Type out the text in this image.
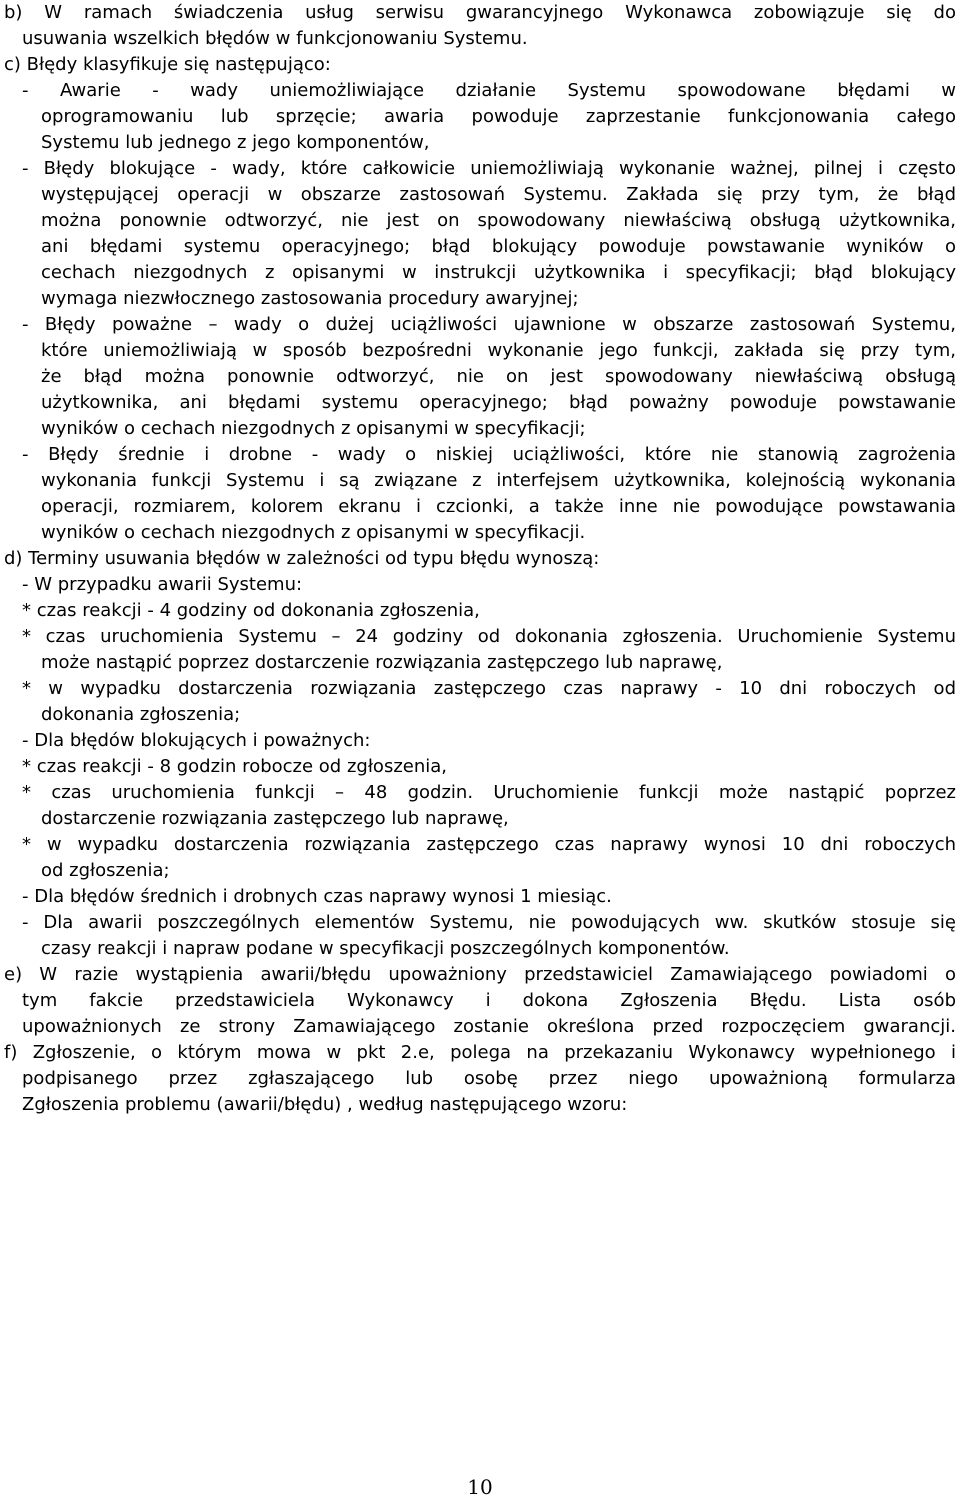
b) W ramach świadczenia usług serwisu gwarancyjnego Wykonawca zobowiązuje się do
usuwania wszelkich błędów w funkcjonowaniu Systemu.
c) Błędy klasyfikuje się następująco:
- Awarie - wady uniemożliwiające działanie Systemu spowodowane błędami w
oprogramowaniu lub sprzęcie; awaria powoduje zaprzestanie funkcjonowania całego
Systemu lub jednego z jego komponentów,
- Błędy blokujące - wady, które całkowicie uniemożliwiają wykonanie ważnej, pilnej i często
występującej operacji w obszarze zastosowań Systemu. Zakłada się przy tym, że błąd
można ponownie odtworzyć, nie jest on spowodowany niewłaściwą obsługą użytkownika,
ani błędami systemu operacyjnego; błąd blokujący powoduje powstawanie wyników o
cechach niezgodnych z opisanymi w instrukcji użytkownika i specyfikacji; błąd blokujący
wymaga niezwłocznego zastosowania procedury awaryjnej;
- Błędy poważne – wady o dużej uciążliwości ujawnione w obszarze zastosowań Systemu,
które uniemożliwiają w sposób bezpośredni wykonanie jego funkcji, zakłada się przy tym,
że błąd można ponownie odtworzyć, nie on jest spowodowany niewłaściwą obsługą
użytkownika, ani błędami systemu operacyjnego; błąd poważny powoduje powstawanie
wyników o cechach niezgodnych z opisanymi w specyfikacji;
- Błędy średnie i drobne - wady o niskiej uciążliwości, które nie stanowią zagrożenia
wykonania funkcji Systemu i są związane z interfejsem użytkownika, kolejnością wykonania
operacji, rozmiarem, kolorem ekranu i czcionki, a także inne nie powodujące powstawania
wyników o cechach niezgodnych z opisanymi w specyfikacji.
d) Terminy usuwania błędów w zależności od typu błędu wynoszą:
- W przypadku awarii Systemu:
* czas reakcji - 4 godziny od dokonania zgłoszenia,
* czas uruchomienia Systemu – 24 godziny od dokonania zgłoszenia. Uruchomienie Systemu
może nastąpić poprzez dostarczenie rozwiązania zastępczego lub naprawę,
* w wypadku dostarczenia rozwiązania zastępczego czas naprawy - 10 dni roboczych od
dokonania zgłoszenia;
- Dla błędów blokujących i poważnych:
* czas reakcji - 8 godzin robocze od zgłoszenia,
* czas uruchomienia funkcji – 48 godzin. Uruchomienie funkcji może nastąpić poprzez
dostarczenie rozwiązania zastępczego lub naprawę,
* w wypadku dostarczenia rozwiązania zastępczego czas naprawy wynosi 10 dni roboczych
od zgłoszenia;
- Dla błędów średnich i drobnych czas naprawy wynosi 1 miesiąc.
- Dla awarii poszczególnych elementów Systemu, nie powodujących ww. skutków stosuje się
czasy reakcji i napraw podane w specyfikacji poszczególnych komponentów.
e) W razie wystąpienia awarii/błędu upoważniony przedstawiciel Zamawiającego powiadomi o
tym fakcie przedstawiciela Wykonawcy i dokona Zgłoszenia Błędu. Lista osób
upoważnionych ze strony Zamawiającego zostanie określona przed rozpoczęciem gwarancji.
f) Zgłoszenie, o którym mowa w pkt 2.e, polega na przekazaniu Wykonawcy wypełnionego i
podpisanego przez zgłaszającego lub osobę przez niego upoważnioną formularza
Zgłoszenia problemu (awarii/błędu) , według następującego wzoru:
10
